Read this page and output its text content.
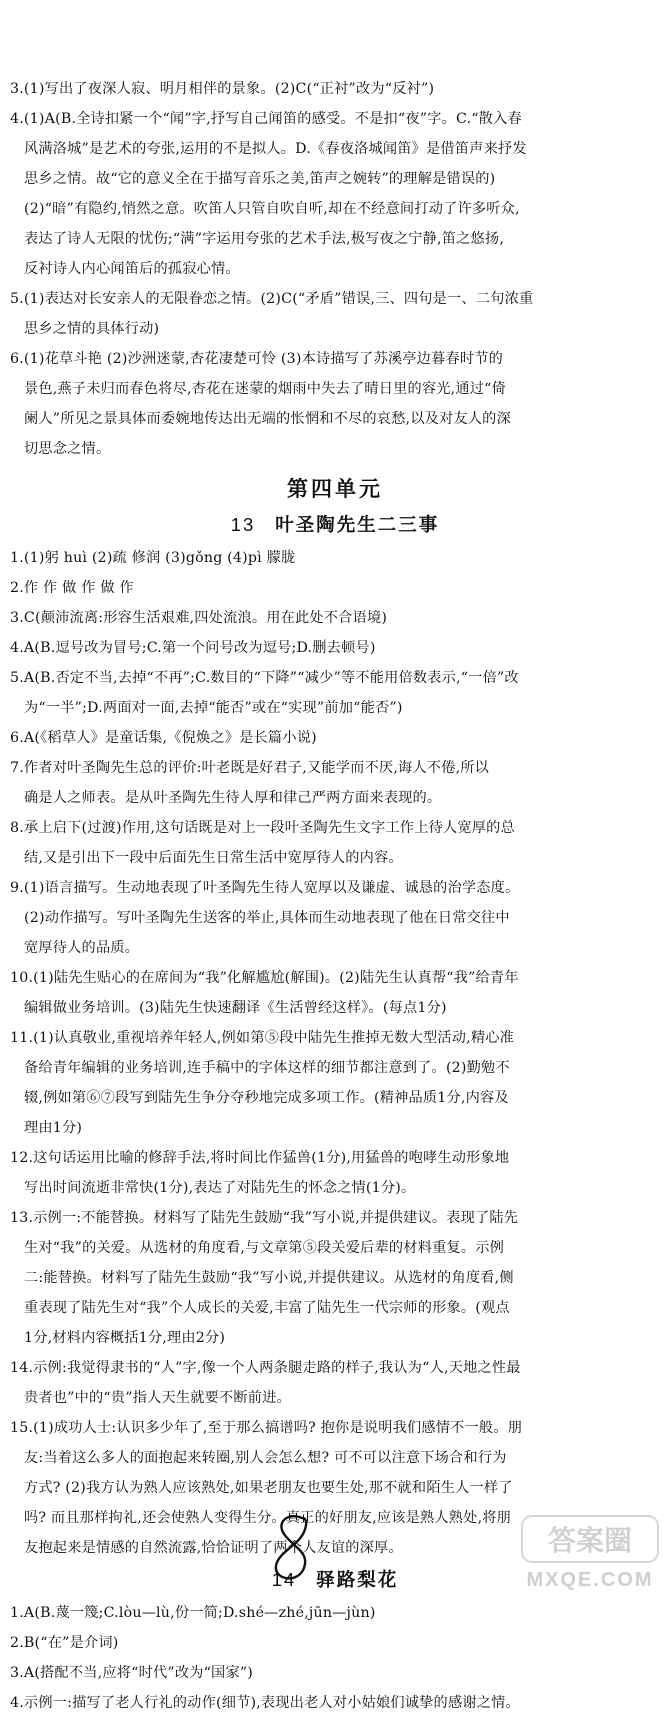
3.(1)写出了夜深人寂、明月相伴的景象。(2)C(“正衬”改为“反衬”)
4.(1)A(B.全诗扣紧一个“闻”字,抒写自己闻笛的感受。不是扣“夜”字。C.“散入春
风满洛城”是艺术的夸张,运用的不是拟人。D.《春夜洛城闻笛》是借笛声来抒发
思乡之情。故“它的意义全在于描写音乐之美,笛声之婉转”的理解是错误的)
(2)“暗”有隐约,悄然之意。吹笛人只管自吹自听,却在不经意间打动了许多听众,
表达了诗人无限的忧伤;“满”字运用夸张的艺术手法,极写夜之宁静,笛之悠扬,
反衬诗人内心闻笛后的孤寂心情。
5.(1)表达对长安亲人的无限眷恋之情。(2)C(“矛盾”错误,三、四句是一、二句浓重
思乡之情的具体行动)
6.(1)花草斗艳 (2)沙洲迷蒙,杏花凄楚可怜 (3)本诗描写了苏溪亭边暮春时节的
景色,燕子未归而春色将尽,杏花在迷蒙的烟雨中失去了晴日里的容光,通过“倚
阑人”所见之景具体而委婉地传达出无端的怅惘和不尽的哀愁,以及对友人的深
切思念之情。
第四单元
13 叶圣陶先生二三事
1.(1)躬 huì (2)疏 修润 (3)gǒng (4)pì 朦胧
2.作 作 做 作 做 作
3.C(颠沛流离:形容生活艰难,四处流浪。用在此处不合语境)
4.A(B.逗号改为冒号;C.第一个问号改为逗号;D.删去顿号)
5.A(B.否定不当,去掉“不再”;C.数目的“下降”“减少”等不能用倍数表示,“一倍”改
为“一半”;D.两面对一面,去掉“能否”或在“实现”前加“能否”)
6.A(《稻草人》是童话集,《倪焕之》是长篇小说)
7.作者对叶圣陶先生总的评价:叶老既是好君子,又能学而不厌,诲人不倦,所以
确是人之师表。是从叶圣陶先生待人厚和律己严两方面来表现的。
8.承上启下(过渡)作用,这句话既是对上一段叶圣陶先生文字工作上待人宽厚的总
结,又是引出下一段中后面先生日常生活中宽厚待人的内容。
9.(1)语言描写。生动地表现了叶圣陶先生待人宽厚以及谦虚、诚恳的治学态度。
(2)动作描写。写叶圣陶先生送客的举止,具体而生动地表现了他在日常交往中
宽厚待人的品质。
10.(1)陆先生贴心的在席间为“我”化解尴尬(解围)。(2)陆先生认真帮“我”给青年
编辑做业务培训。(3)陆先生快速翻译《生活曾经这样》。(每点1分)
11.(1)认真敬业,重视培养年轻人,例如第⑤段中陆先生推掉无数大型活动,精心准
备给青年编辑的业务培训,连手稿中的字体这样的细节都注意到了。(2)勤勉不
辍,例如第⑥⑦段写到陆先生争分夺秒地完成多项工作。(精神品质1分,内容及
理由1分)
12.这句话运用比喻的修辞手法,将时间比作猛兽(1分),用猛兽的咆哮生动形象地
写出时间流逝非常快(1分),表达了对陆先生的怀念之情(1分)。
13.示例一:不能替换。材料写了陆先生鼓励“我”写小说,并提供建议。表现了陆先
生对“我”的关爱。从选材的角度看,与文章第⑤段关爱后辈的材料重复。示例
二:能替换。材料写了陆先生鼓励“我”写小说,并提供建议。从选材的角度看,侧
重表现了陆先生对“我”个人成长的关爱,丰富了陆先生一代宗师的形象。(观点
1分,材料内容概括1分,理由2分)
14.示例:我觉得隶书的“人”字,像一个人两条腿走路的样子,我认为“人,天地之性最
贵者也”中的“贵”指人天生就要不断前进。
15.(1)成功人士:认识多少年了,至于那么搞谱吗? 抱你是说明我们感情不一般。朋
友:当着这么多人的面抱起来转圈,别人会怎么想? 可不可以注意下场合和行为
方式? (2)我方认为熟人应该熟处,如果老朋友也要生处,那不就和陌生人一样了
吗? 而且那样拘礼,还会使熟人变得生分。真正的好朋友,应该是熟人熟处,将朋
友抱起来是情感的自然流露,恰恰证明了两个人友谊的深厚。
14 驿路梨花
1.A(B.蔑一篾;C.lòu—lù,份一简;D.shé—zhé,jūn—jùn)
2.B(“在”是介词)
3.A(搭配不当,应将“时代”改为“国家”)
4.示例一:描写了老人行礼的动作(细节),表现出老人对小姑娘们诚挚的感谢之情。
答案圈
MXQE.COM
